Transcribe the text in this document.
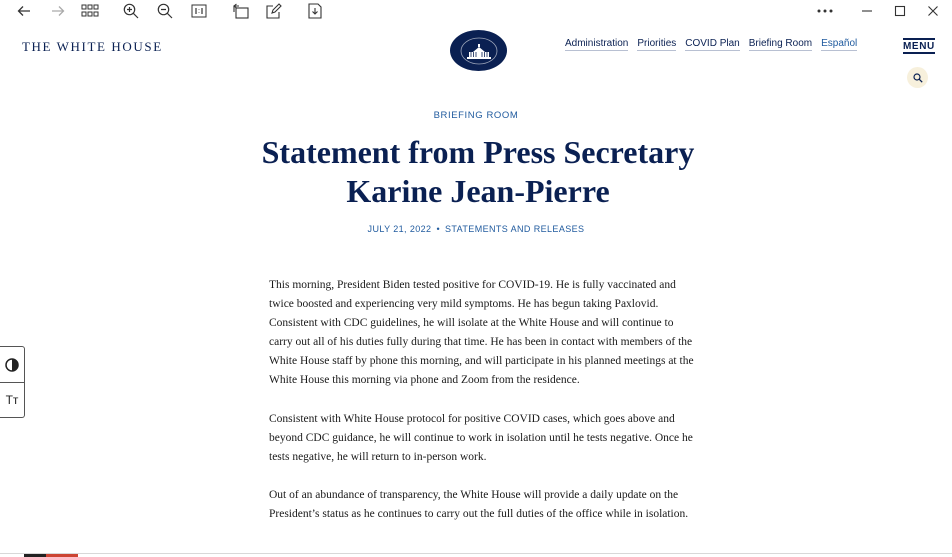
THE WHITE HOUSE	Administration Priorities COVID Plan Briefing Room Español	MENU
BRIEFING ROOM
Statement from Press Secretary
Karine Jean-Pierre
JULY 21, 2022 • STATEMENTS AND RELEASES

This morning, President Biden tested positive for COVID-19. He is fully vaccinated and twice boosted and experiencing very mild symptoms. He has begun taking Paxlovid. Consistent with CDC guidelines, he will isolate at the White House and will continue to carry out all of his duties fully during that time. He has been in contact with members of the White House staff by phone this morning, and will participate in his planned meetings at the White House this morning via phone and Zoom from the residence.

Consistent with White House protocol for positive COVID cases, which goes above and beyond CDC guidance, he will continue to work in isolation until he tests negative. Once he tests negative, he will return to in-person work.

Out of an abundance of transparency, the White House will provide a daily update on the President’s status as he continues to carry out the full duties of the office while in isolation.

Tт
